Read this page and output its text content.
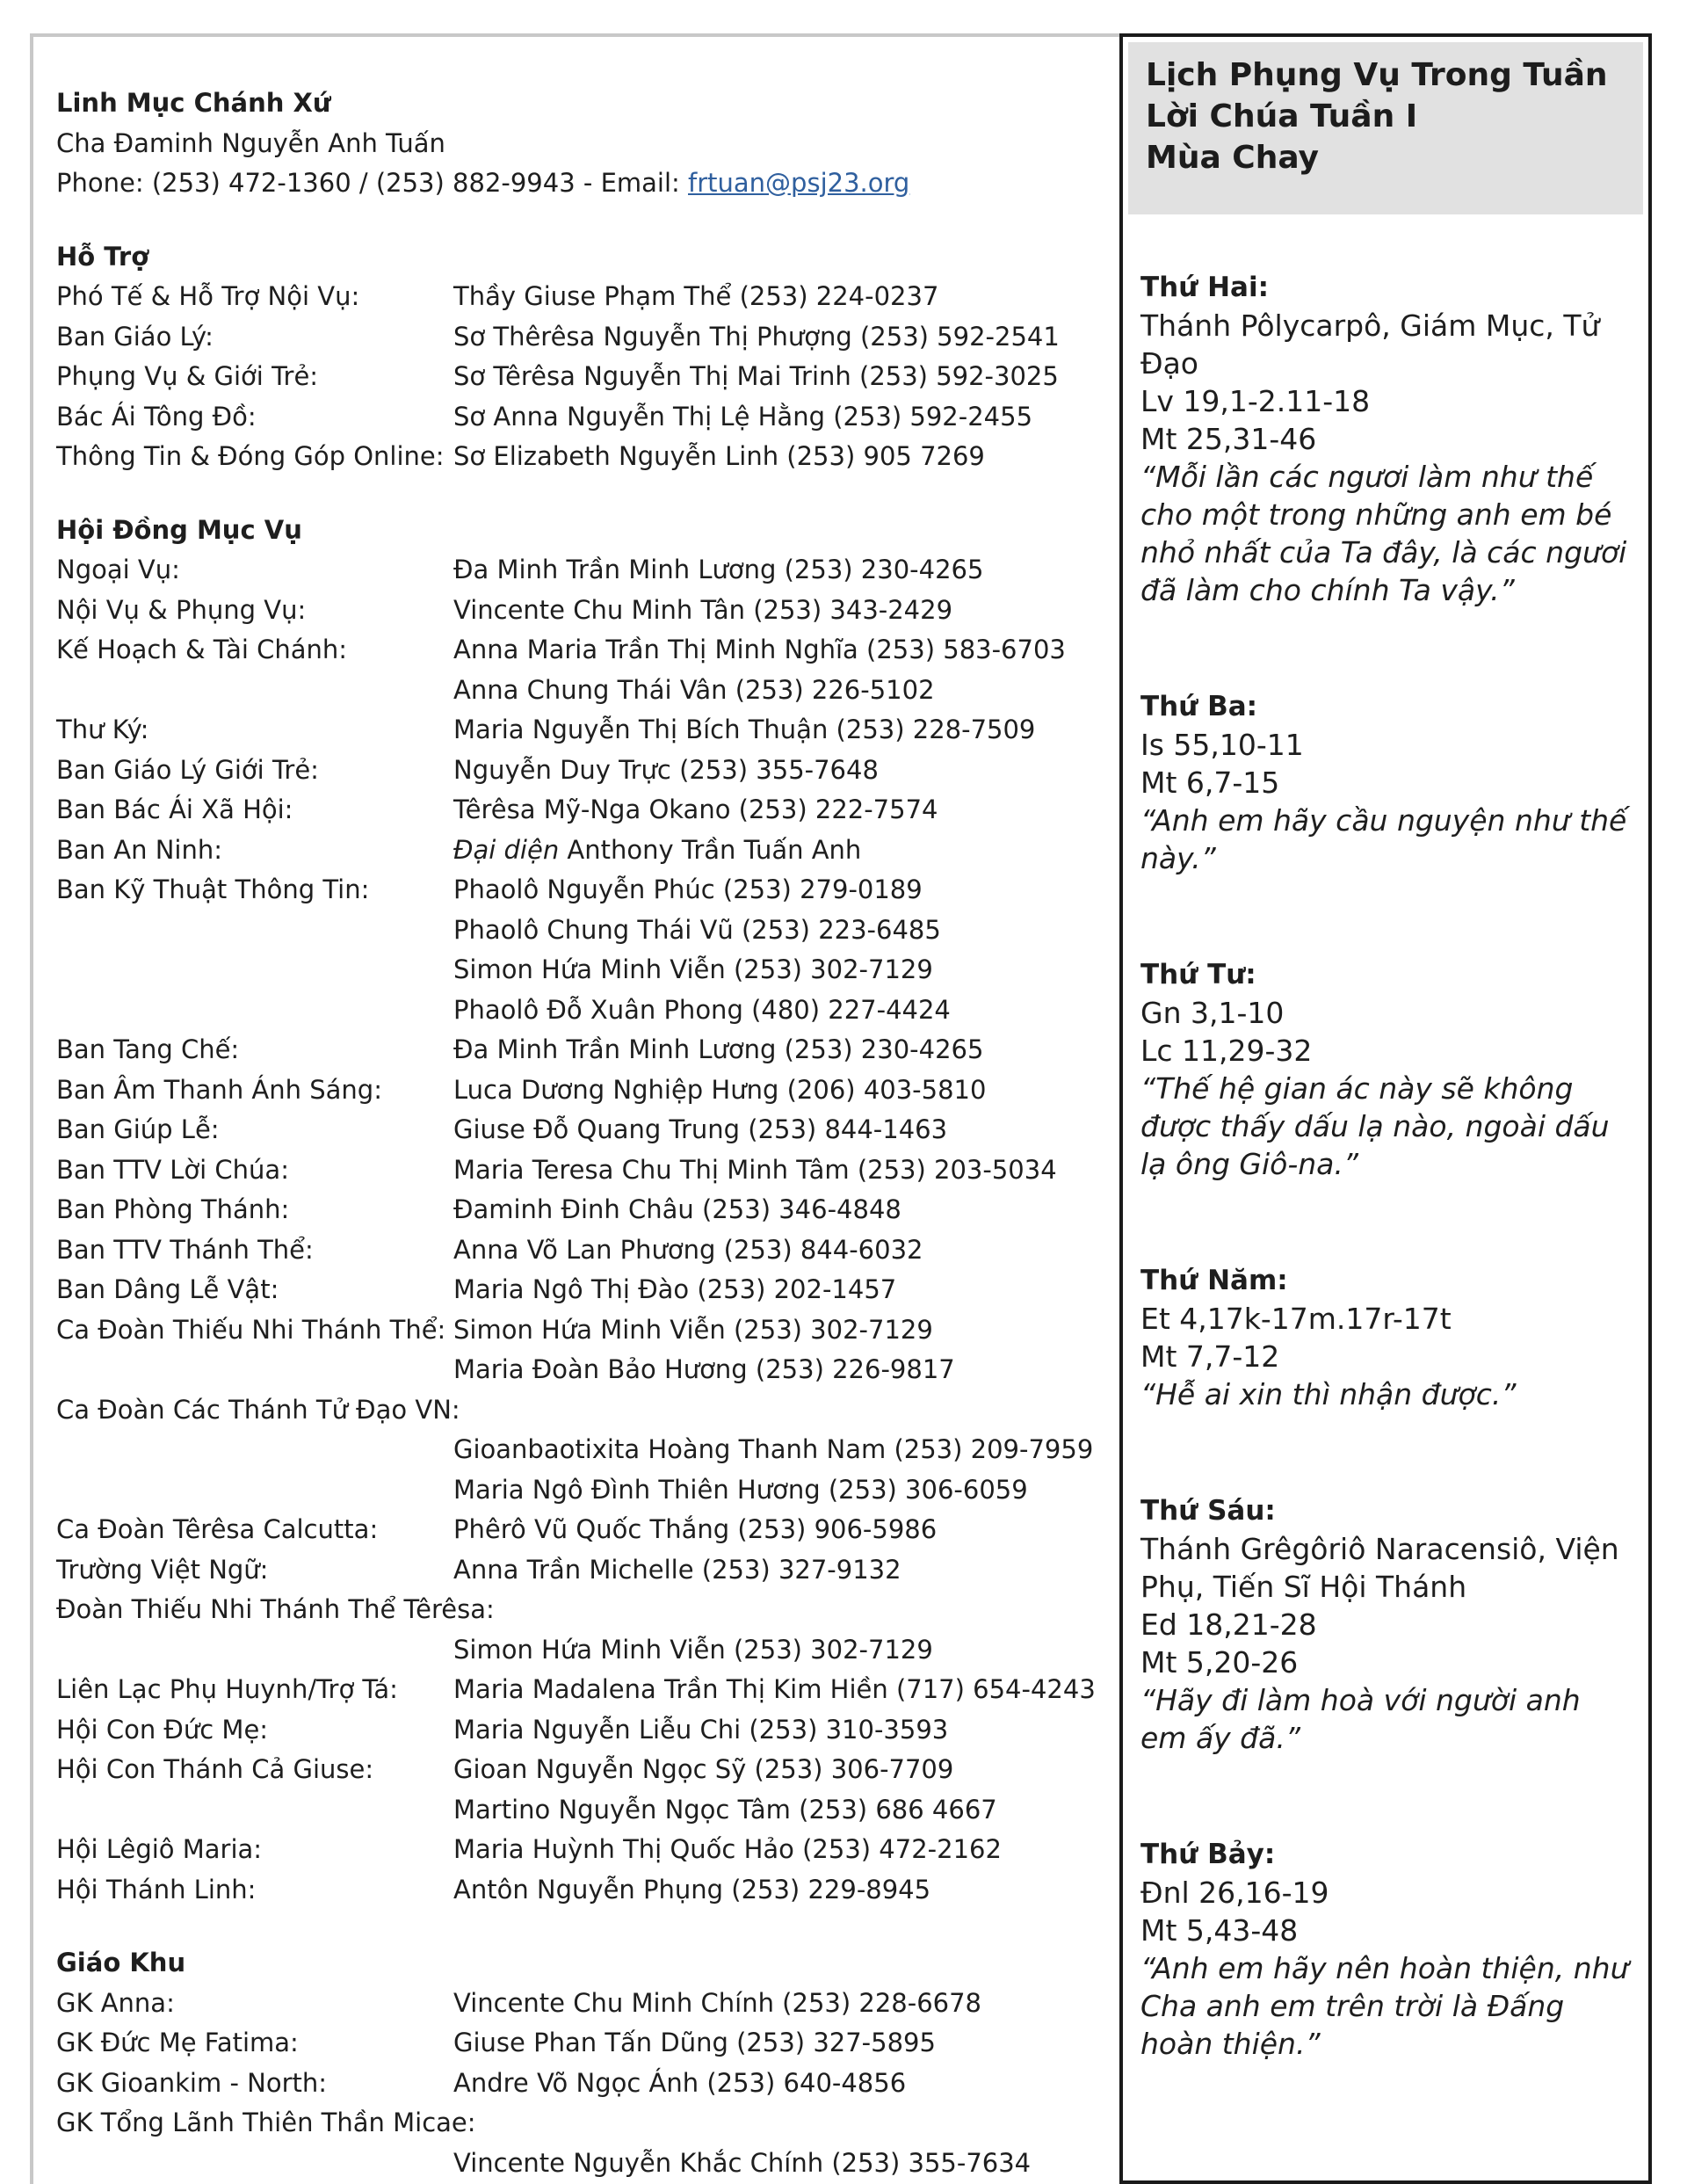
Linh Mục Chánh Xứ
Cha Đaminh Nguyễn Anh Tuấn
Phone: (253) 472-1360 / (253) 882-9943 - Email: frtuan@psj23.org
Hỗ Trợ
Phó Tế & Hỗ Trợ Nội Vụ:	Thầy Giuse Phạm Thể (253) 224-0237
Ban Giáo Lý:	Sơ Thêrêsa Nguyễn Thị Phượng (253) 592-2541
Phụng Vụ & Giới Trẻ:	Sơ Têrêsa Nguyễn Thị Mai Trinh (253) 592-3025
Bác Ái Tông Đồ:	Sơ Anna Nguyễn Thị Lệ Hằng (253) 592-2455
Thông Tin & Đóng Góp Online: Sơ Elizabeth Nguyễn Linh (253) 905 7269
Hội Đồng Mục Vụ
Ngoại Vụ:	Đa Minh Trần Minh Lương (253) 230-4265
Nội Vụ & Phụng Vụ:	Vincente Chu Minh Tân (253) 343-2429
Kế Hoạch & Tài Chánh:	Anna Maria Trần Thị Minh Nghĩa (253) 583-6703
Anna Chung Thái Vân (253) 226-5102
Thư Ký:	Maria Nguyễn Thị Bích Thuận (253) 228-7509
Ban Giáo Lý Giới Trẻ:	Nguyễn Duy Trực (253) 355-7648
Ban Bác Ái Xã Hội:	Têrêsa Mỹ-Nga Okano (253) 222-7574
Ban An Ninh:	Đại diện Anthony Trần Tuấn Anh
Ban Kỹ Thuật Thông Tin:	Phaolô Nguyễn Phúc (253) 279-0189
Phaolô Chung Thái Vũ (253) 223-6485
Simon Hứa Minh Viễn (253) 302-7129
Phaolô Đỗ Xuân Phong (480) 227-4424
Ban Tang Chế:	Đa Minh Trần Minh Lương (253) 230-4265
Ban Âm Thanh Ánh Sáng:	Luca Dương Nghiệp Hưng (206) 403-5810
Ban Giúp Lễ:	Giuse Đỗ Quang Trung (253) 844-1463
Ban TTV Lời Chúa:	Maria Teresa Chu Thị Minh Tâm (253) 203-5034
Ban Phòng Thánh:	Đaminh Đinh Châu (253) 346-4848
Ban TTV Thánh Thể:	Anna Võ Lan Phương (253) 844-6032
Ban Dâng Lễ Vật:	Maria Ngô Thị Đào (253) 202-1457
Ca Đoàn Thiếu Nhi Thánh Thể: Simon Hứa Minh Viễn (253) 302-7129
Maria Đoàn Bảo Hương (253) 226-9817
Ca Đoàn Các Thánh Tử Đạo VN:
Gioanbaotixita Hoàng Thanh Nam (253) 209-7959
Maria Ngô Đình Thiên Hương (253) 306-6059
Ca Đoàn Têrêsa Calcutta:	Phêrô Vũ Quốc Thắng (253) 906-5986
Trường Việt Ngữ:	Anna Trần Michelle (253) 327-9132
Đoàn Thiếu Nhi Thánh Thể Têrêsa:
Simon Hứa Minh Viễn (253) 302-7129
Liên Lạc Phụ Huynh/Trợ Tá: Maria Madalena Trần Thị Kim Hiền (717) 654-4243
Hội Con Đức Mẹ:	Maria Nguyễn Liễu Chi (253) 310-3593
Hội Con Thánh Cả Giuse:	Gioan Nguyễn Ngọc Sỹ (253) 306-7709
Martino Nguyễn Ngọc Tâm (253) 686 4667
Hội Lêgiô Maria:	Maria Huỳnh Thị Quốc Hảo (253) 472-2162
Hội Thánh Linh:	Antôn Nguyễn Phụng (253) 229-8945
Giáo Khu
GK Anna:	Vincente Chu Minh Chính (253) 228-6678
GK Đức Mẹ Fatima:	Giuse Phan Tấn Dũng (253) 327-5895
GK Gioankim - North:	Andre Võ Ngọc Ánh (253) 640-4856
GK Tổng Lãnh Thiên Thần Micae:
Vincente Nguyễn Khắc Chính (253) 355-7634
Lịch Phụng Vụ Trong Tuần
Lời Chúa Tuần I
Mùa Chay
Thứ Hai:
Thánh Pôlycarpô, Giám Mục, Tử Đạo
Lv 19,1-2.11-18
Mt 25,31-46
“Mỗi lần các ngươi làm như thế cho một trong những anh em bé nhỏ nhất của Ta đây, là các ngươi đã làm cho chính Ta vậy.”
Thứ Ba:
Is 55,10-11
Mt 6,7-15
“Anh em hãy cầu nguyện như thế này.”
Thứ Tư:
Gn 3,1-10
Lc 11,29-32
“Thế hệ gian ác này sẽ không được thấy dấu lạ nào, ngoài dấu lạ ông Giô-na.”
Thứ Năm:
Et 4,17k-17m.17r-17t
Mt 7,7-12
“Hễ ai xin thì nhận được.”
Thứ Sáu:
Thánh Grêgôriô Naracensiô, Viện Phụ, Tiến Sĩ Hội Thánh
Ed 18,21-28
Mt 5,20-26
“Hãy đi làm hoà với người anh em ấy đã.”
Thứ Bảy:
Đnl 26,16-19
Mt 5,43-48
“Anh em hãy nên hoàn thiện, như Cha anh em trên trời là Đấng hoàn thiện.”
